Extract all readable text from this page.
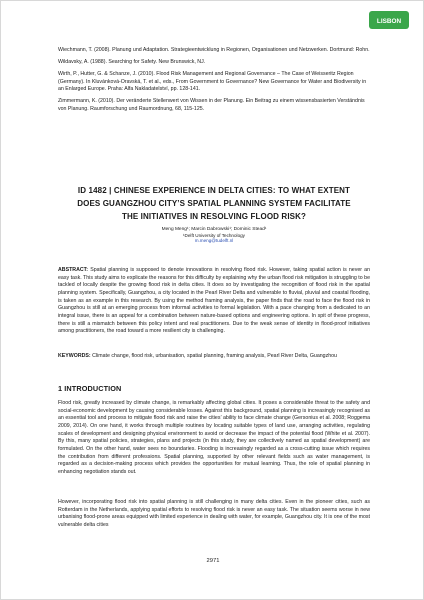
LISBON

Wiechmann, T. (2008). Planung und Adaptation. Strategieentwicklung in Regionen, Organisationen und Netzwerken. Dortmund: Rohn.

Wildavsky, A. (1988). Searching for Safety. New Brunswick, NJ.

Wirth, P., Hutter, G. & Schanze, J. (2010). Flood Risk Management and Regional Governance – The Case of Weisseritz Region (Germany). In Kluvánková-Oravská, T. et al., eds., From Government to Governance? New Governance for Water and Biodiversity in an Enlarged Europe. Praha: Alfa Nakladatelství, pp. 128-141.

Zimmermann, K. (2010). Der veränderte Stellenwert von Wissen in der Planung. Ein Beitrag zu einem wissensbasierten Verständnis von Planung. Raumforschung und Raumordnung, 68, 115-125.

ID 1482 | CHINESE EXPERIENCE IN DELTA CITIES: TO WHAT EXTENT
DOES GUANGZHOU CITY’S SPATIAL PLANNING SYSTEM FACILITATE
THE INITIATIVES IN RESOLVING FLOOD RISK?

Meng Meng¹; Marcin Dabrowski¹; Dominic Stead¹
¹Delft University of Technology
m.meng@tudelft.nl

ABSTRACT: Spatial planning is supposed to denote innovations in resolving flood risk. However, taking spatial action is never an easy task. This study aims to explicate the reasons for this difficulty by explaining why the urban flood risk mitigation is struggling to be tackled of locally despite the growing flood risk in delta cities. It does so by investigating the recognition of flood risk in the spatial planning system. Specifically, Guangzhou, a city located in the Pearl River Delta and vulnerable to fluvial, pluvial and coastal flooding, is taken as an example in this research. By using the method framing analysis, the paper finds that the road to face the flood risk in Guangzhou is still at an emerging process from informal activities to formal legislation. With a pace changing from a dedicated to an integral issue, there is an appeal for a combination between nature-based options and engineering options. In spit of these progress, there is still a mismatch between this policy intent and real practitioners. Due to the weak sense of identity in flood-proof initiatives among practitioners, the road toward a more resilient city is challenging.

KEYWORDS: Climate change, flood risk, urbanisation, spatial planning, framing analysis, Pearl River Delta, Guangzhou

1 INTRODUCTION

Flood risk, greatly increased by climate change, is remarkably affecting global cities. It poses a considerable threat to the safety and social-economic development by causing considerable losses. Against this background, spatial planning is increasingly recognised as an essential tool and process to mitigate flood risk and raise the cities’ ability to face climate change (Gersonius et al. 2008; Roggema 2009, 2014). On one hand, it works through multiple routines by locating suitable types of land use, arranging activities, regulating scales of development and designing physical environment to avoid or decrease the impact of the potential flood (White et al. 2007). By this, many spatial policies, strategies, plans and projects (in this study, they are collectively named as spatial development) are formulated. On the other hand, water sees no boundaries. Flooding is increasingly regarded as a cross-cutting issue which requires the contribution from different professions. Spatial planning, supported by other relevant fields such as water management, is regarded as a decision-making process which provides the opportunities for mutual learning. Thus, the role of spatial planning in enhancing negotiation stands out.

However, incorporating flood risk into spatial planning is still challenging in many delta cities. Even in the pioneer cities, such as Rotterdam in the Netherlands, applying spatial efforts to resolving flood risk is never an easy task. The situation seems worse in new urbanising flood-prone areas equipped with limited experience in dealing with water, for example, Guangzhou city. It is one of the most vulnerable delta cities

2971
